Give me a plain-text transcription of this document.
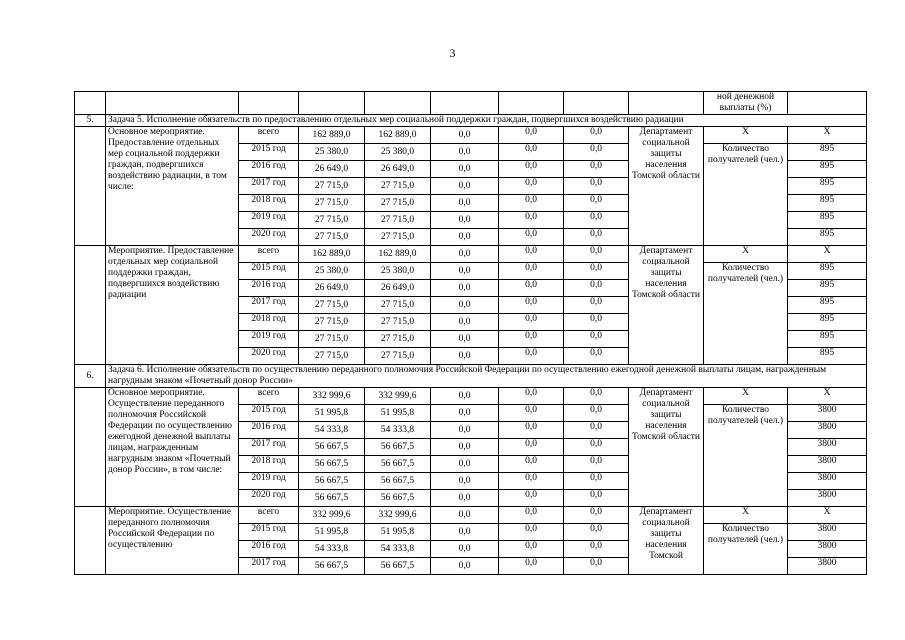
3
									ной денежной выплаты (%)	
5.	Задача 5. Исполнение обязательств по предоставлению отдельных мер социальной поддержки граждан, подвергшихся воздействию радиации									
	Основное мероприятие. Предоставление отдельных мер социальной поддержки граждан, подвергшихся воздействию радиации, в том числе:	всего	162 889,0	162 889,0	0,0	0,0	0,0	Департамент социальной защиты населения Томской области	Х	Х
		2015 год	25 380,0	25 380,0	0,0	0,0	0,0		Количество получателей (чел.)	895
		2016 год	26 649,0	26 649,0	0,0	0,0	0,0			895
		2017 год	27 715,0	27 715,0	0,0	0,0	0,0			895
		2018 год	27 715,0	27 715,0	0,0	0,0	0,0			895
		2019 год	27 715,0	27 715,0	0,0	0,0	0,0			895
		2020 год	27 715,0	27 715,0	0,0	0,0	0,0			895
	Мероприятие. Предоставление отдельных мер социальной поддержки граждан, подвергшихся воздействию радиации	всего	162 889,0	162 889,0	0,0	0,0	0,0	Департамент социальной защиты населения Томской области	Х	Х
		2015 год	25 380,0	25 380,0	0,0	0,0	0,0		Количество получателей (чел.)	895
		2016 год	26 649,0	26 649,0	0,0	0,0	0,0			895
		2017 год	27 715,0	27 715,0	0,0	0,0	0,0			895
		2018 год	27 715,0	27 715,0	0,0	0,0	0,0			895
		2019 год	27 715,0	27 715,0	0,0	0,0	0,0			895
		2020 год	27 715,0	27 715,0	0,0	0,0	0,0			895
6.	Задача 6. Исполнение обязательств по осуществлению переданного полномочия Российской Федерации по осуществлению ежегодной денежной выплаты лицам, награжденным нагрудным знаком «Почетный донор России»									
	Основное мероприятие. Осуществление переданного полномочия Российской Федерации по осуществлению ежегодной денежной выплаты лицам, награжденным нагрудным знаком «Почетный донор России», в том числе:	всего	332 999,6	332 999,6	0,0	0,0	0,0	Департамент социальной защиты населения Томской области	Х	Х
		2015 год	51 995,8	51 995,8	0,0	0,0	0,0		Количество получателей (чел.)	3800
		2016 год	54 333,8	54 333,8	0,0	0,0	0,0			3800
		2017 год	56 667,5	56 667,5	0,0	0,0	0,0			3800
		2018 год	56 667,5	56 667,5	0,0	0,0	0,0			3800
		2019 год	56 667,5	56 667,5	0,0	0,0	0,0			3800
		2020 год	56 667,5	56 667,5	0,0	0,0	0,0			3800
	Мероприятие. Осуществление переданного полномочия Российской Федерации по осуществлению	всего	332 999,6	332 999,6	0,0	0,0	0,0	Департамент социальной защиты населения Томской	Х	Х
		2015 год	51 995,8	51 995,8	0,0	0,0	0,0		Количество получателей (чел.)	3800
		2016 год	54 333,8	54 333,8	0,0	0,0	0,0			3800
		2017 год	56 667,5	56 667,5	0,0	0,0	0,0			3800
